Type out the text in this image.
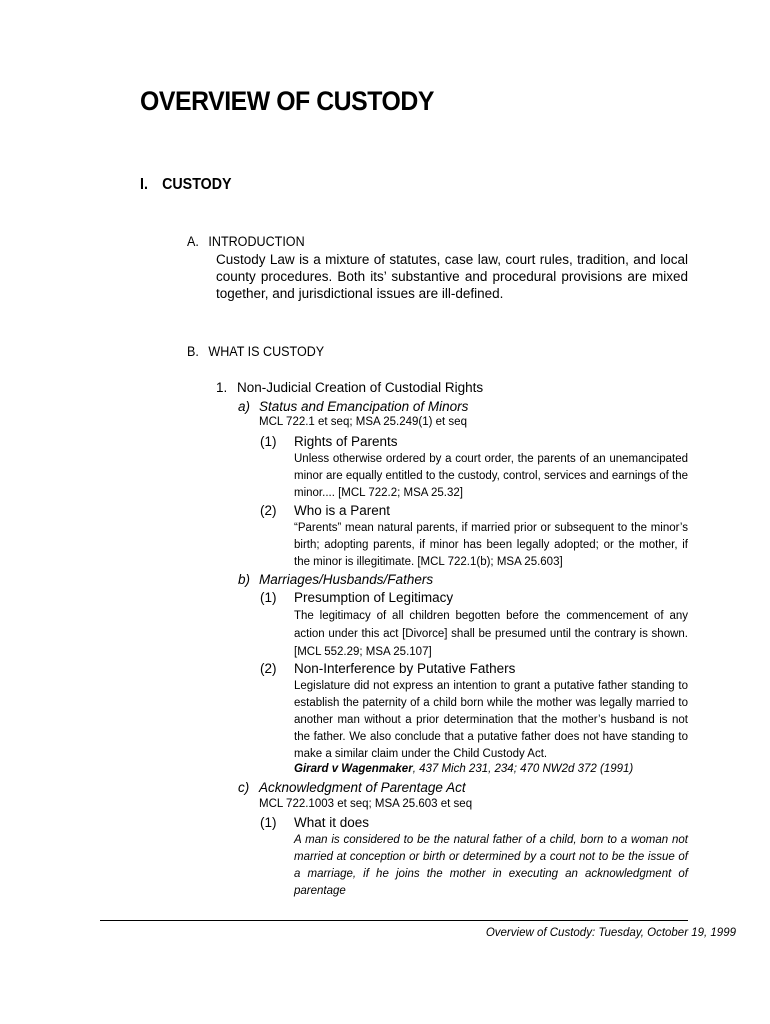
OVERVIEW OF CUSTODY
I. CUSTODY
A. INTRODUCTION
Custody Law is a mixture of statutes, case law, court rules, tradition, and local county procedures. Both its’ substantive and procedural provisions are mixed together, and jurisdictional issues are ill-defined.
B. WHAT IS CUSTODY
1. Non-Judicial Creation of Custodial Rights
a) Status and Emancipation of Minors
MCL 722.1 et seq; MSA 25.249(1) et seq
(1) Rights of Parents
Unless otherwise ordered by a court order, the parents of an unemancipated minor are equally entitled to the custody, control, services and earnings of the minor.... [MCL 722.2; MSA 25.32]
(2) Who is a Parent
“Parents” mean natural parents, if married prior or subsequent to the minor’s birth; adopting parents, if minor has been legally adopted; or the mother, if the minor is illegitimate. [MCL 722.1(b); MSA 25.603]
b) Marriages/Husbands/Fathers
(1) Presumption of Legitimacy
The legitimacy of all children begotten before the commencement of any action under this act [Divorce] shall be presumed until the contrary is shown. [MCL 552.29; MSA 25.107]
(2) Non-Interference by Putative Fathers
Legislature did not express an intention to grant a putative father standing to establish the paternity of a child born while the mother was legally married to another man without a prior determination that the mother’s husband is not the father. We also conclude that a putative father does not have standing to make a similar claim under the Child Custody Act.
Girard v Wagenmaker, 437 Mich 231, 234; 470 NW2d 372 (1991)
c) Acknowledgment of Parentage Act
MCL 722.1003 et seq; MSA 25.603 et seq
(1) What it does
A man is considered to be the natural father of a child, born to a woman not married at conception or birth or determined by a court not to be the issue of a marriage, if he joins the mother in executing an acknowledgment of parentage
Overview of Custody: Tuesday, October 19, 1999
